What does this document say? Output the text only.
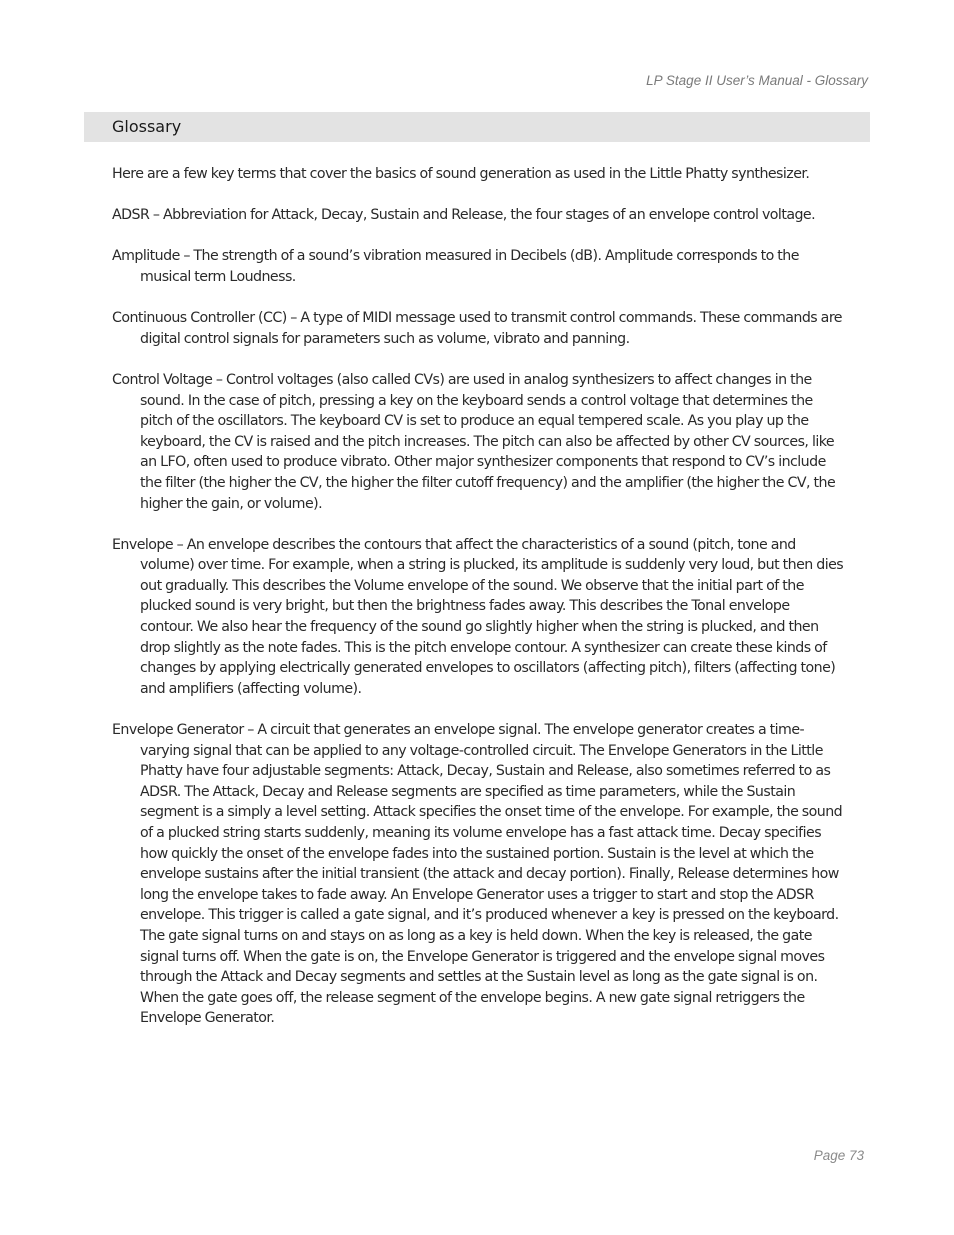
LP Stage II User’s Manual - Glossary
Glossary

Here are a few key terms that cover the basics of sound generation as used in the Little Phatty synthesizer.

ADSR – Abbreviation for Attack, Decay, Sustain and Release, the four stages of an envelope control voltage.

Amplitude – The strength of a sound’s vibration measured in Decibels (dB). Amplitude corresponds to the musical term Loudness.

Continuous Controller (CC) – A type of MIDI message used to transmit control commands. These commands are digital control signals for parameters such as volume, vibrato and panning.

Control Voltage – Control voltages (also called CVs) are used in analog synthesizers to affect changes in the sound. In the case of pitch, pressing a key on the keyboard sends a control voltage that determines the pitch of the oscillators. The keyboard CV is set to produce an equal tempered scale. As you play up the keyboard, the CV is raised and the pitch increases. The pitch can also be affected by other CV sources, like an LFO, often used to produce vibrato. Other major synthesizer components that respond to CV’s include the filter (the higher the CV, the higher the filter cutoff frequency) and the amplifier (the higher the CV, the higher the gain, or volume).

Envelope – An envelope describes the contours that affect the characteristics of a sound (pitch, tone and volume) over time. For example, when a string is plucked, its amplitude is suddenly very loud, but then dies out gradually. This describes the Volume envelope of the sound. We observe that the initial part of the plucked sound is very bright, but then the brightness fades away. This describes the Tonal envelope contour. We also hear the frequency of the sound go slightly higher when the string is plucked, and then drop slightly as the note fades. This is the pitch envelope contour. A synthesizer can create these kinds of changes by applying electrically generated envelopes to oscillators (affecting pitch), filters (affecting tone) and amplifiers (affecting volume).

Envelope Generator – A circuit that generates an envelope signal. The envelope generator creates a time-varying signal that can be applied to any voltage-controlled circuit. The Envelope Generators in the Little Phatty have four adjustable segments: Attack, Decay, Sustain and Release, also sometimes referred to as ADSR. The Attack, Decay and Release segments are specified as time parameters, while the Sustain segment is a simply a level setting. Attack specifies the onset time of the envelope. For example, the sound of a plucked string starts suddenly, meaning its volume envelope has a fast attack time. Decay specifies how quickly the onset of the envelope fades into the sustained portion. Sustain is the level at which the envelope sustains after the initial transient (the attack and decay portion). Finally, Release determines how long the envelope takes to fade away. An Envelope Generator uses a trigger to start and stop the ADSR envelope. This trigger is called a gate signal, and it’s produced whenever a key is pressed on the keyboard. The gate signal turns on and stays on as long as a key is held down. When the key is released, the gate signal turns off. When the gate is on, the Envelope Generator is triggered and the envelope signal moves through the Attack and Decay segments and settles at the Sustain level as long as the gate signal is on. When the gate goes off, the release segment of the envelope begins. A new gate signal retriggers the Envelope Generator.

Page 73
